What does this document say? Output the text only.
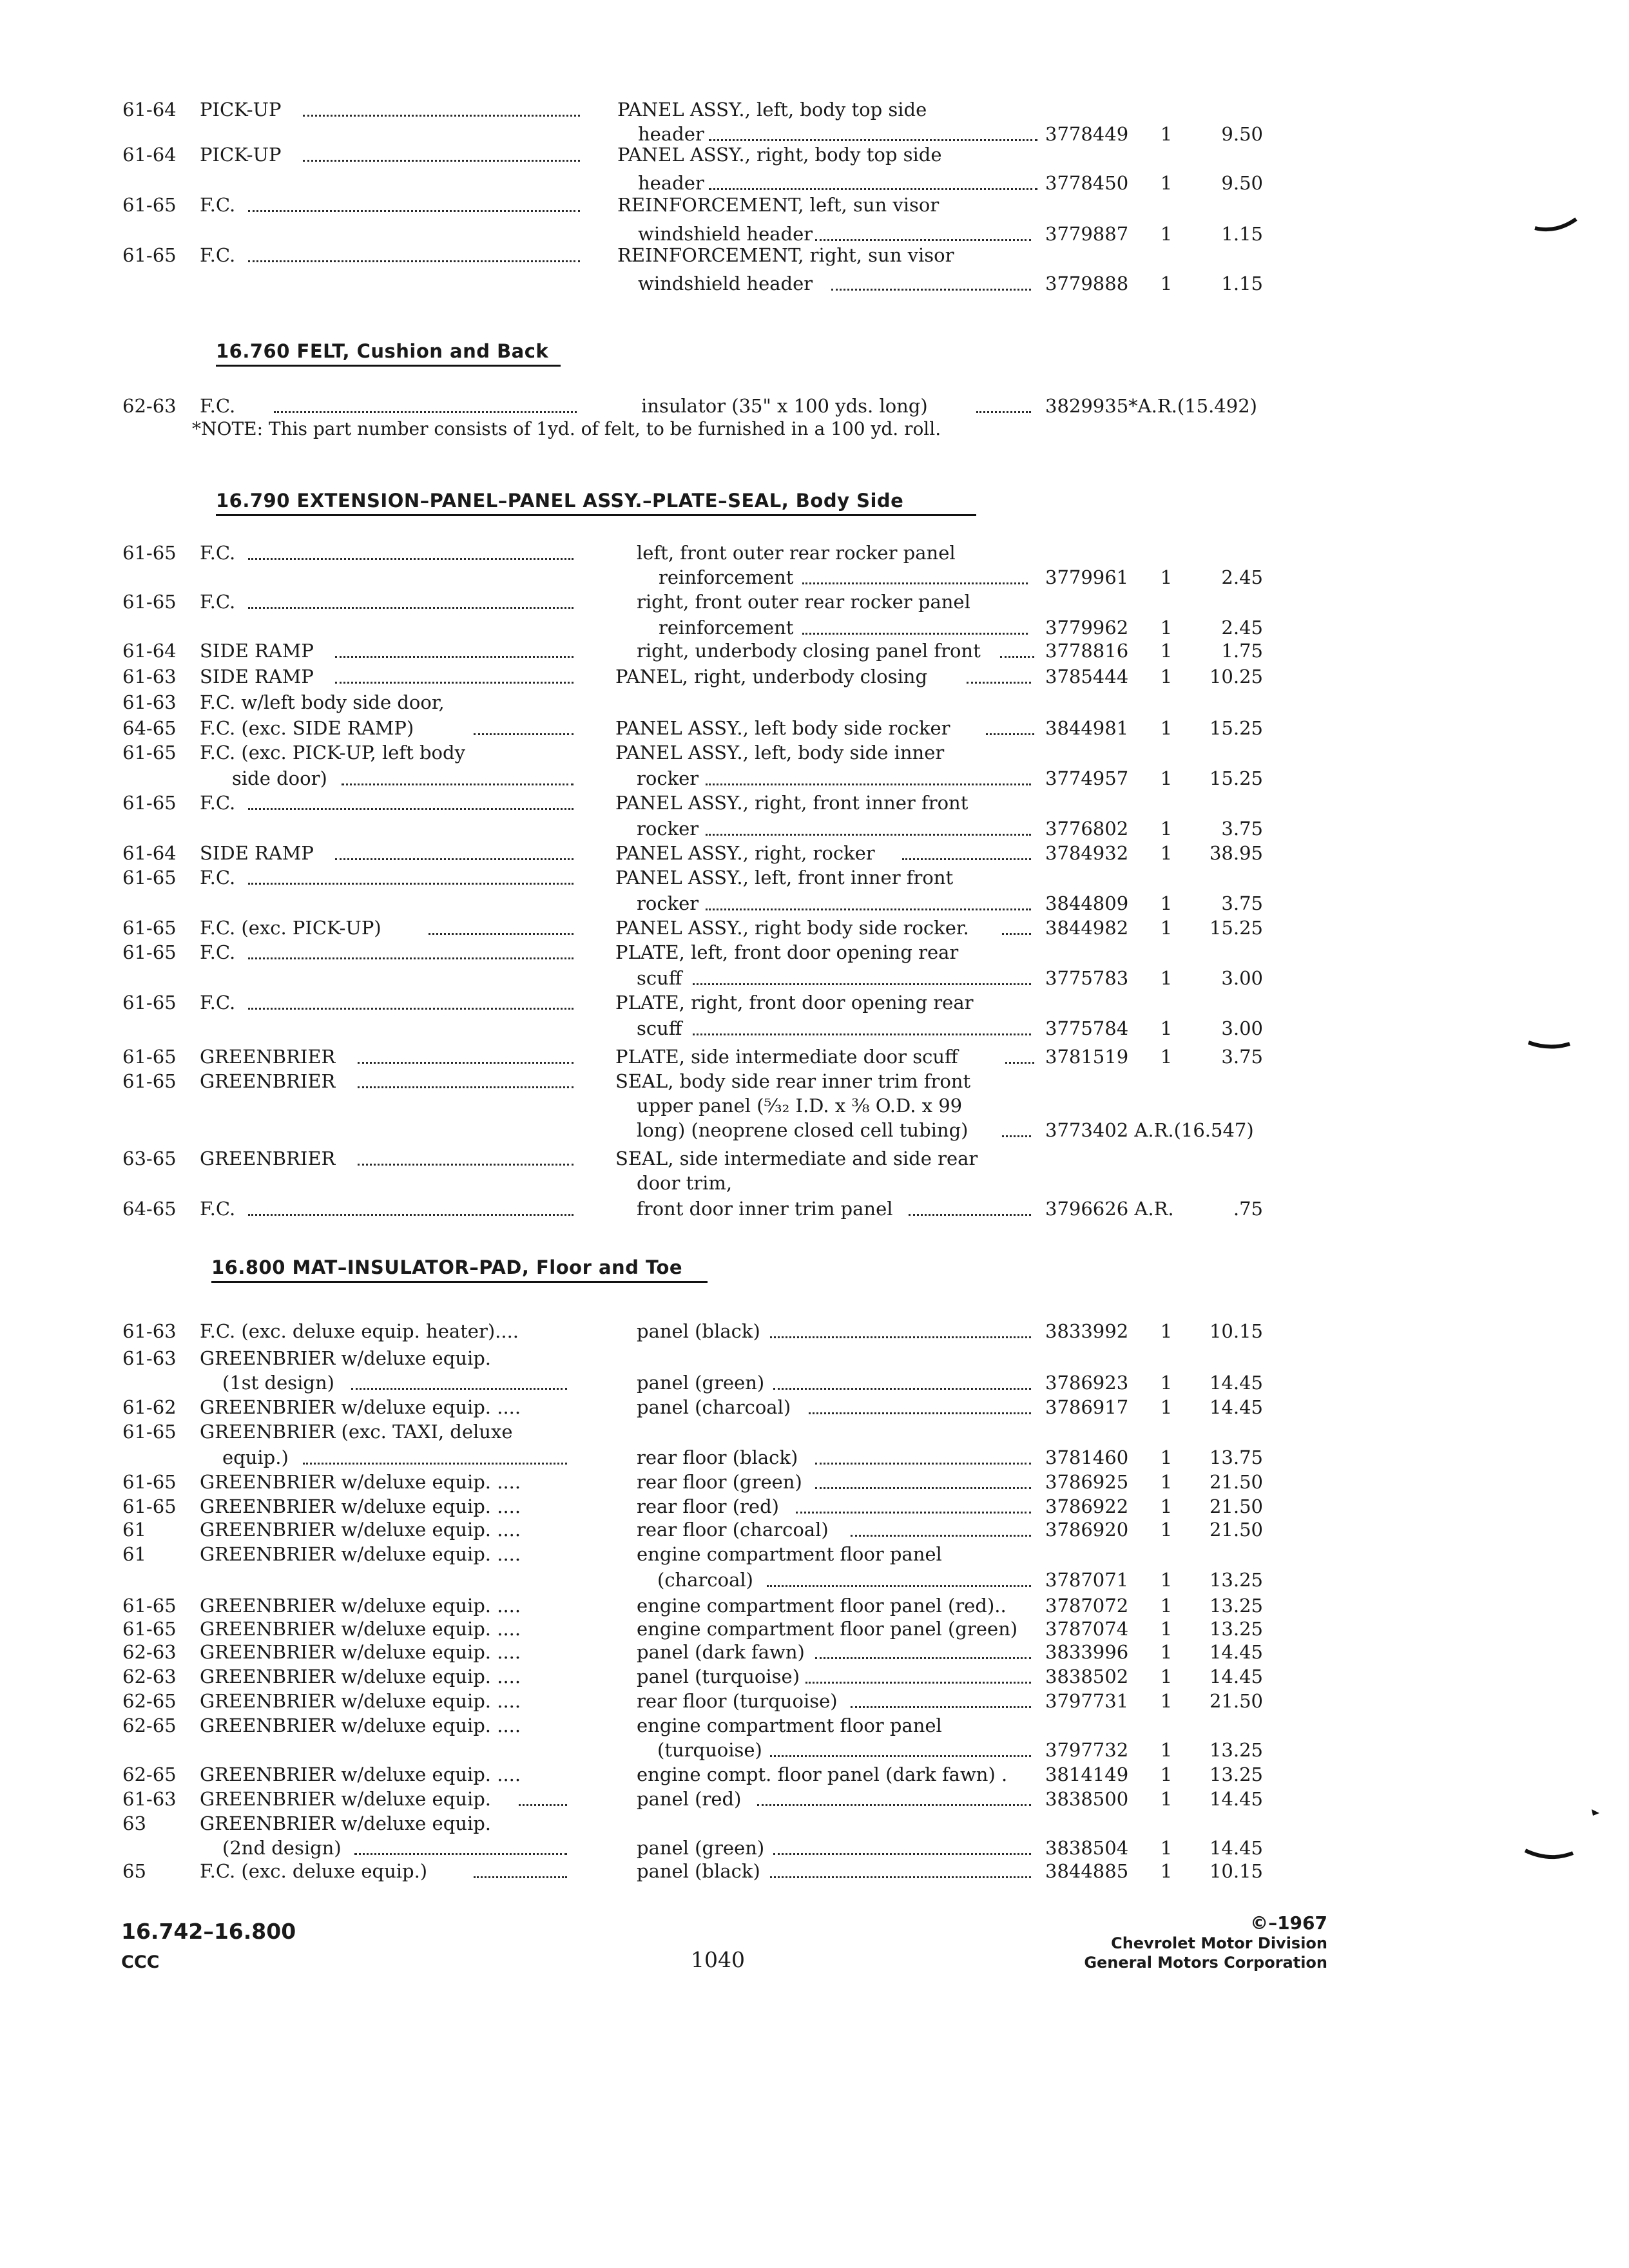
61-64	PICK-UP	PANEL ASSY., left, body top side
header	3778449	1	9.50
61-64	PICK-UP	PANEL ASSY., right, body top side
header	3778450	1	9.50
61-65	F.C.	REINFORCEMENT, left, sun visor
windshield header	3779887	1	1.15
61-65	F.C.	REINFORCEMENT, right, sun visor
windshield header	3779888	1	1.15
16.760 FELT, Cushion and Back
62-63	F.C.	insulator (35" x 100 yds. long)	3829935*A.R.(15.492)
*NOTE: This part number consists of 1yd. of felt, to be furnished in a 100 yd. roll.
16.790 EXTENSION–PANEL–PANEL ASSY.–PLATE–SEAL, Body Side
61-65	F.C.	left, front outer rear rocker panel
reinforcement	3779961	1	2.45
61-65	F.C.	right, front outer rear rocker panel
reinforcement	3779962	1	2.45
61-64	SIDE RAMP	right, underbody closing panel front	3778816	1	1.75
61-63	SIDE RAMP	PANEL, right, underbody closing	3785444	1	10.25
61-63	F.C. w/left body side door,
64-65	F.C. (exc. SIDE RAMP)	PANEL ASSY., left body side rocker	3844981	1	15.25
61-65	F.C. (exc. PICK-UP, left body	PANEL ASSY., left, body side inner
side door)	rocker	3774957	1	15.25
61-65	F.C.	PANEL ASSY., right, front inner front
rocker	3776802	1	3.75
61-64	SIDE RAMP	PANEL ASSY., right, rocker	3784932	1	38.95
61-65	F.C.	PANEL ASSY., left, front inner front
rocker	3844809	1	3.75
61-65	F.C. (exc. PICK-UP)	PANEL ASSY., right body side rocker.	3844982	1	15.25
61-65	F.C.	PLATE, left, front door opening rear
scuff	3775783	1	3.00
61-65	F.C.	PLATE, right, front door opening rear
scuff	3775784	1	3.00
61-65	GREENBRIER	PLATE, side intermediate door scuff	3781519	1	3.75
61-65	GREENBRIER	SEAL, body side rear inner trim front
upper panel (⁵⁄₃₂ I.D. x ⅜ O.D. x 99
long) (neoprene closed cell tubing)	3773402 A.R.(16.547)
63-65	GREENBRIER	SEAL, side intermediate and side rear
door trim,
64-65	F.C.	front door inner trim panel	3796626 A.R.	.75
16.800 MAT–INSULATOR–PAD, Floor and Toe
61-63	F.C. (exc. deluxe equip. heater)....	panel (black)	3833992	1	10.15
61-63	GREENBRIER w/deluxe equip.
(1st design)	panel (green)	3786923	1	14.45
61-62	GREENBRIER w/deluxe equip. ....	panel (charcoal)	3786917	1	14.45
61-65	GREENBRIER (exc. TAXI, deluxe
equip.)	rear floor (black)	3781460	1	13.75
61-65	GREENBRIER w/deluxe equip. ....	rear floor (green)	3786925	1	21.50
61-65	GREENBRIER w/deluxe equip. ....	rear floor (red)	3786922	1	21.50
61	GREENBRIER w/deluxe equip. ....	rear floor (charcoal)	3786920	1	21.50
61	GREENBRIER w/deluxe equip. ....	engine compartment floor panel
(charcoal)	3787071	1	13.25
61-65	GREENBRIER w/deluxe equip. ....	engine compartment floor panel (red).. 3787072	1	13.25
61-65	GREENBRIER w/deluxe equip. ....	engine compartment floor panel (green) 3787074	1	13.25
62-63	GREENBRIER w/deluxe equip. ....	panel (dark fawn)	3833996	1	14.45
62-63	GREENBRIER w/deluxe equip. ....	panel (turquoise)	3838502	1	14.45
62-65	GREENBRIER w/deluxe equip. ....	rear floor (turquoise)	3797731	1	21.50
62-65	GREENBRIER w/deluxe equip. ....	engine compartment floor panel
(turquoise)	3797732	1	13.25
62-65	GREENBRIER w/deluxe equip. ....	engine compt. floor panel (dark fawn) . 3814149	1	13.25
61-63	GREENBRIER w/deluxe equip.	panel (red)	3838500	1	14.45
63	GREENBRIER w/deluxe equip.
(2nd design)	panel (green)	3838504	1	14.45
65	F.C. (exc. deluxe equip.)	panel (black)	3844885	1	10.15
16.742–16.800
CCC	1040
©–1967
Chevrolet Motor Division
General Motors Corporation
